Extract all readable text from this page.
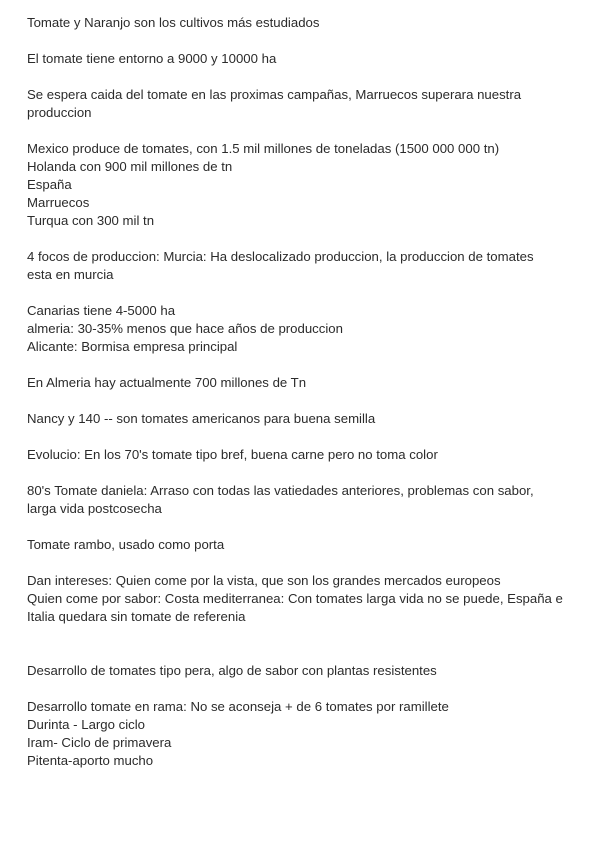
Tomate y Naranjo son los cultivos más estudiados

El tomate tiene entorno a 9000 y 10000 ha

Se espera caida del tomate en las proximas campañas, Marruecos superara nuestra
produccion

Mexico produce de tomates, con 1.5 mil millones de toneladas (1500 000 000 tn)
Holanda con 900 mil millones de tn
España
Marruecos
Turqua con 300 mil tn

4 focos de produccion: Murcia: Ha deslocalizado produccion, la produccion de tomates
esta en murcia

Canarias tiene 4-5000 ha
almeria: 30-35% menos que hace años de produccion
Alicante: Bormisa empresa principal

En Almeria hay actualmente 700 millones de Tn

Nancy y 140 -- son tomates americanos para buena semilla

Evolucio: En los 70's tomate tipo bref, buena carne pero no toma color

80's Tomate daniela: Arraso con todas las vatiedades anteriores, problemas con sabor,
larga vida postcosecha

Tomate rambo, usado como porta

Dan intereses: Quien come por la vista, que son los grandes mercados europeos
Quien come por sabor: Costa mediterranea: Con tomates larga vida no se puede, España e
Italia quedara sin tomate de referenia

Desarrollo de tomates tipo pera, algo de sabor con plantas resistentes

Desarrollo tomate en rama: No se aconseja + de 6 tomates por ramillete
Durinta - Largo ciclo
Iram- Ciclo de primavera
Pitenta-aporto mucho
